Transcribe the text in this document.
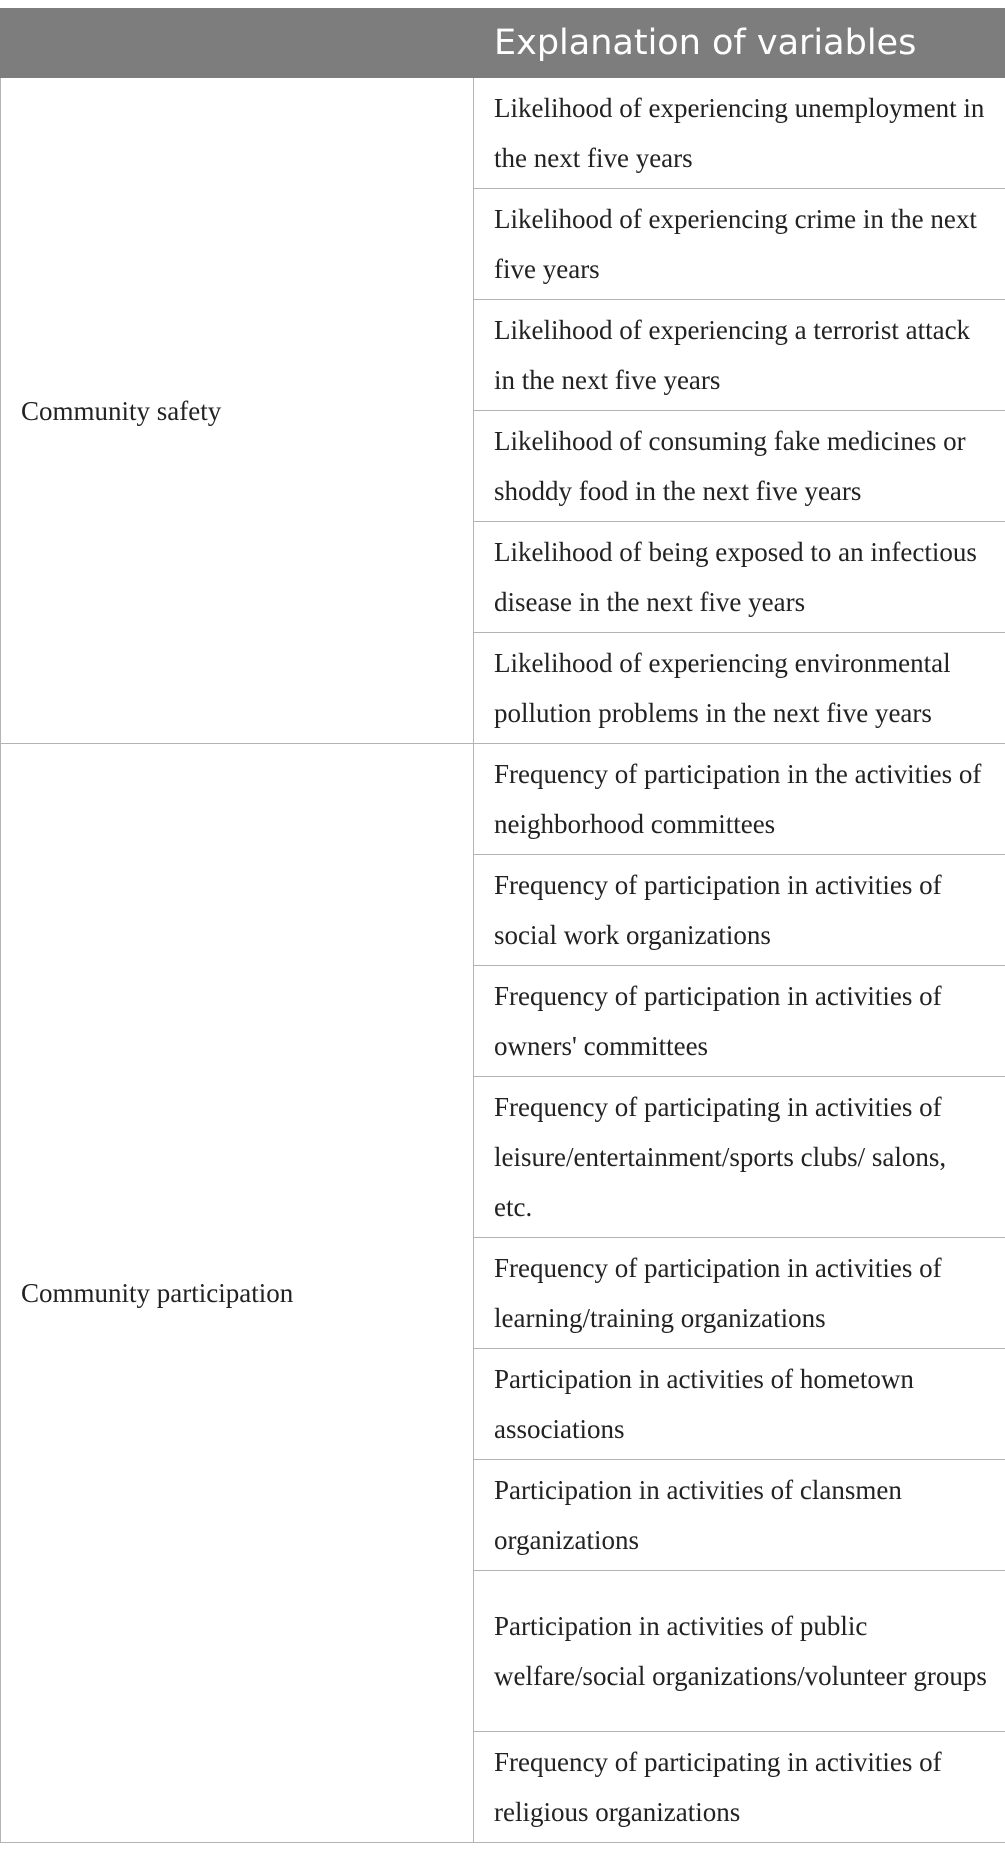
	Explanation of variables
Community safety	Likelihood of experiencing unemployment in the next five years
	Likelihood of experiencing crime in the next five years
	Likelihood of experiencing a terrorist attack in the next five years
	Likelihood of consuming fake medicines or shoddy food in the next five years
	Likelihood of being exposed to an infectious disease in the next five years
	Likelihood of experiencing environmental pollution problems in the next five years
Community participation	Frequency of participation in the activities of neighborhood committees
	Frequency of participation in activities of social work organizations
	Frequency of participation in activities of owners' committees
	Frequency of participating in activities of leisure/entertainment/sports clubs/ salons, etc.
	Frequency of participation in activities of learning/training organizations
	Participation in activities of hometown associations
	Participation in activities of clansmen organizations
	Participation in activities of public welfare/social organizations/volunteer groups
	Frequency of participating in activities of religious organizations
